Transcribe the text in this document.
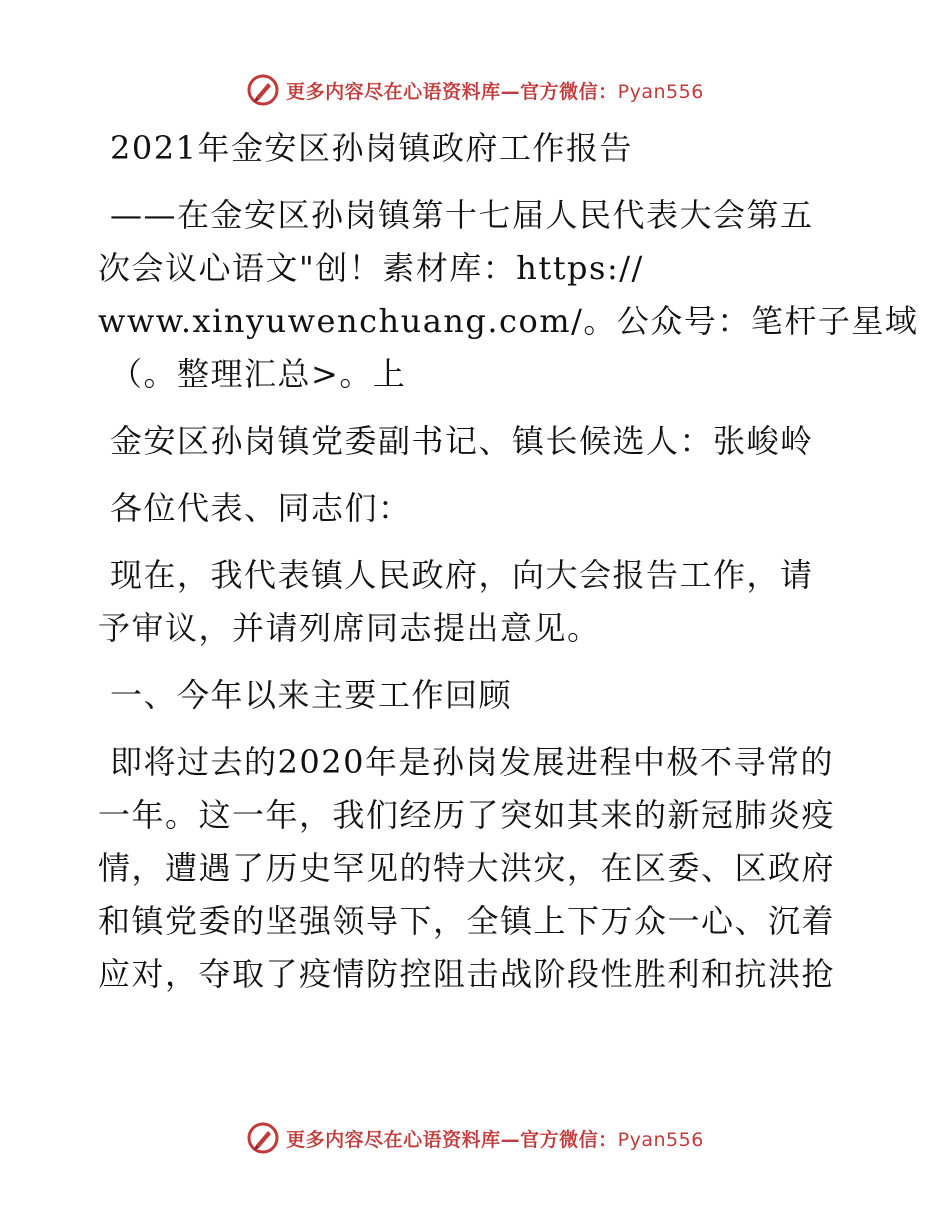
更多内容尽在心语资料库—官方微信：Pyan556
2021年金安区孙岗镇政府工作报告
——在金安区孙岗镇第十七届人民代表大会第五
次会议心语文"创！素材库：https://
www.xinyuwenchuang.com/。公众号：笔杆子星域
（。整理汇总>。上
金安区孙岗镇党委副书记、镇长候选人：张峻岭
各位代表、同志们：
现在，我代表镇人民政府，向大会报告工作，请
予审议，并请列席同志提出意见。
一、今年以来主要工作回顾
即将过去的2020年是孙岗发展进程中极不寻常的
一年。这一年，我们经历了突如其来的新冠肺炎疫
情，遭遇了历史罕见的特大洪灾，在区委、区政府
和镇党委的坚强领导下，全镇上下万众一心、沉着
应对，夺取了疫情防控阻击战阶段性胜利和抗洪抢
更多内容尽在心语资料库—官方微信：Pyan556
